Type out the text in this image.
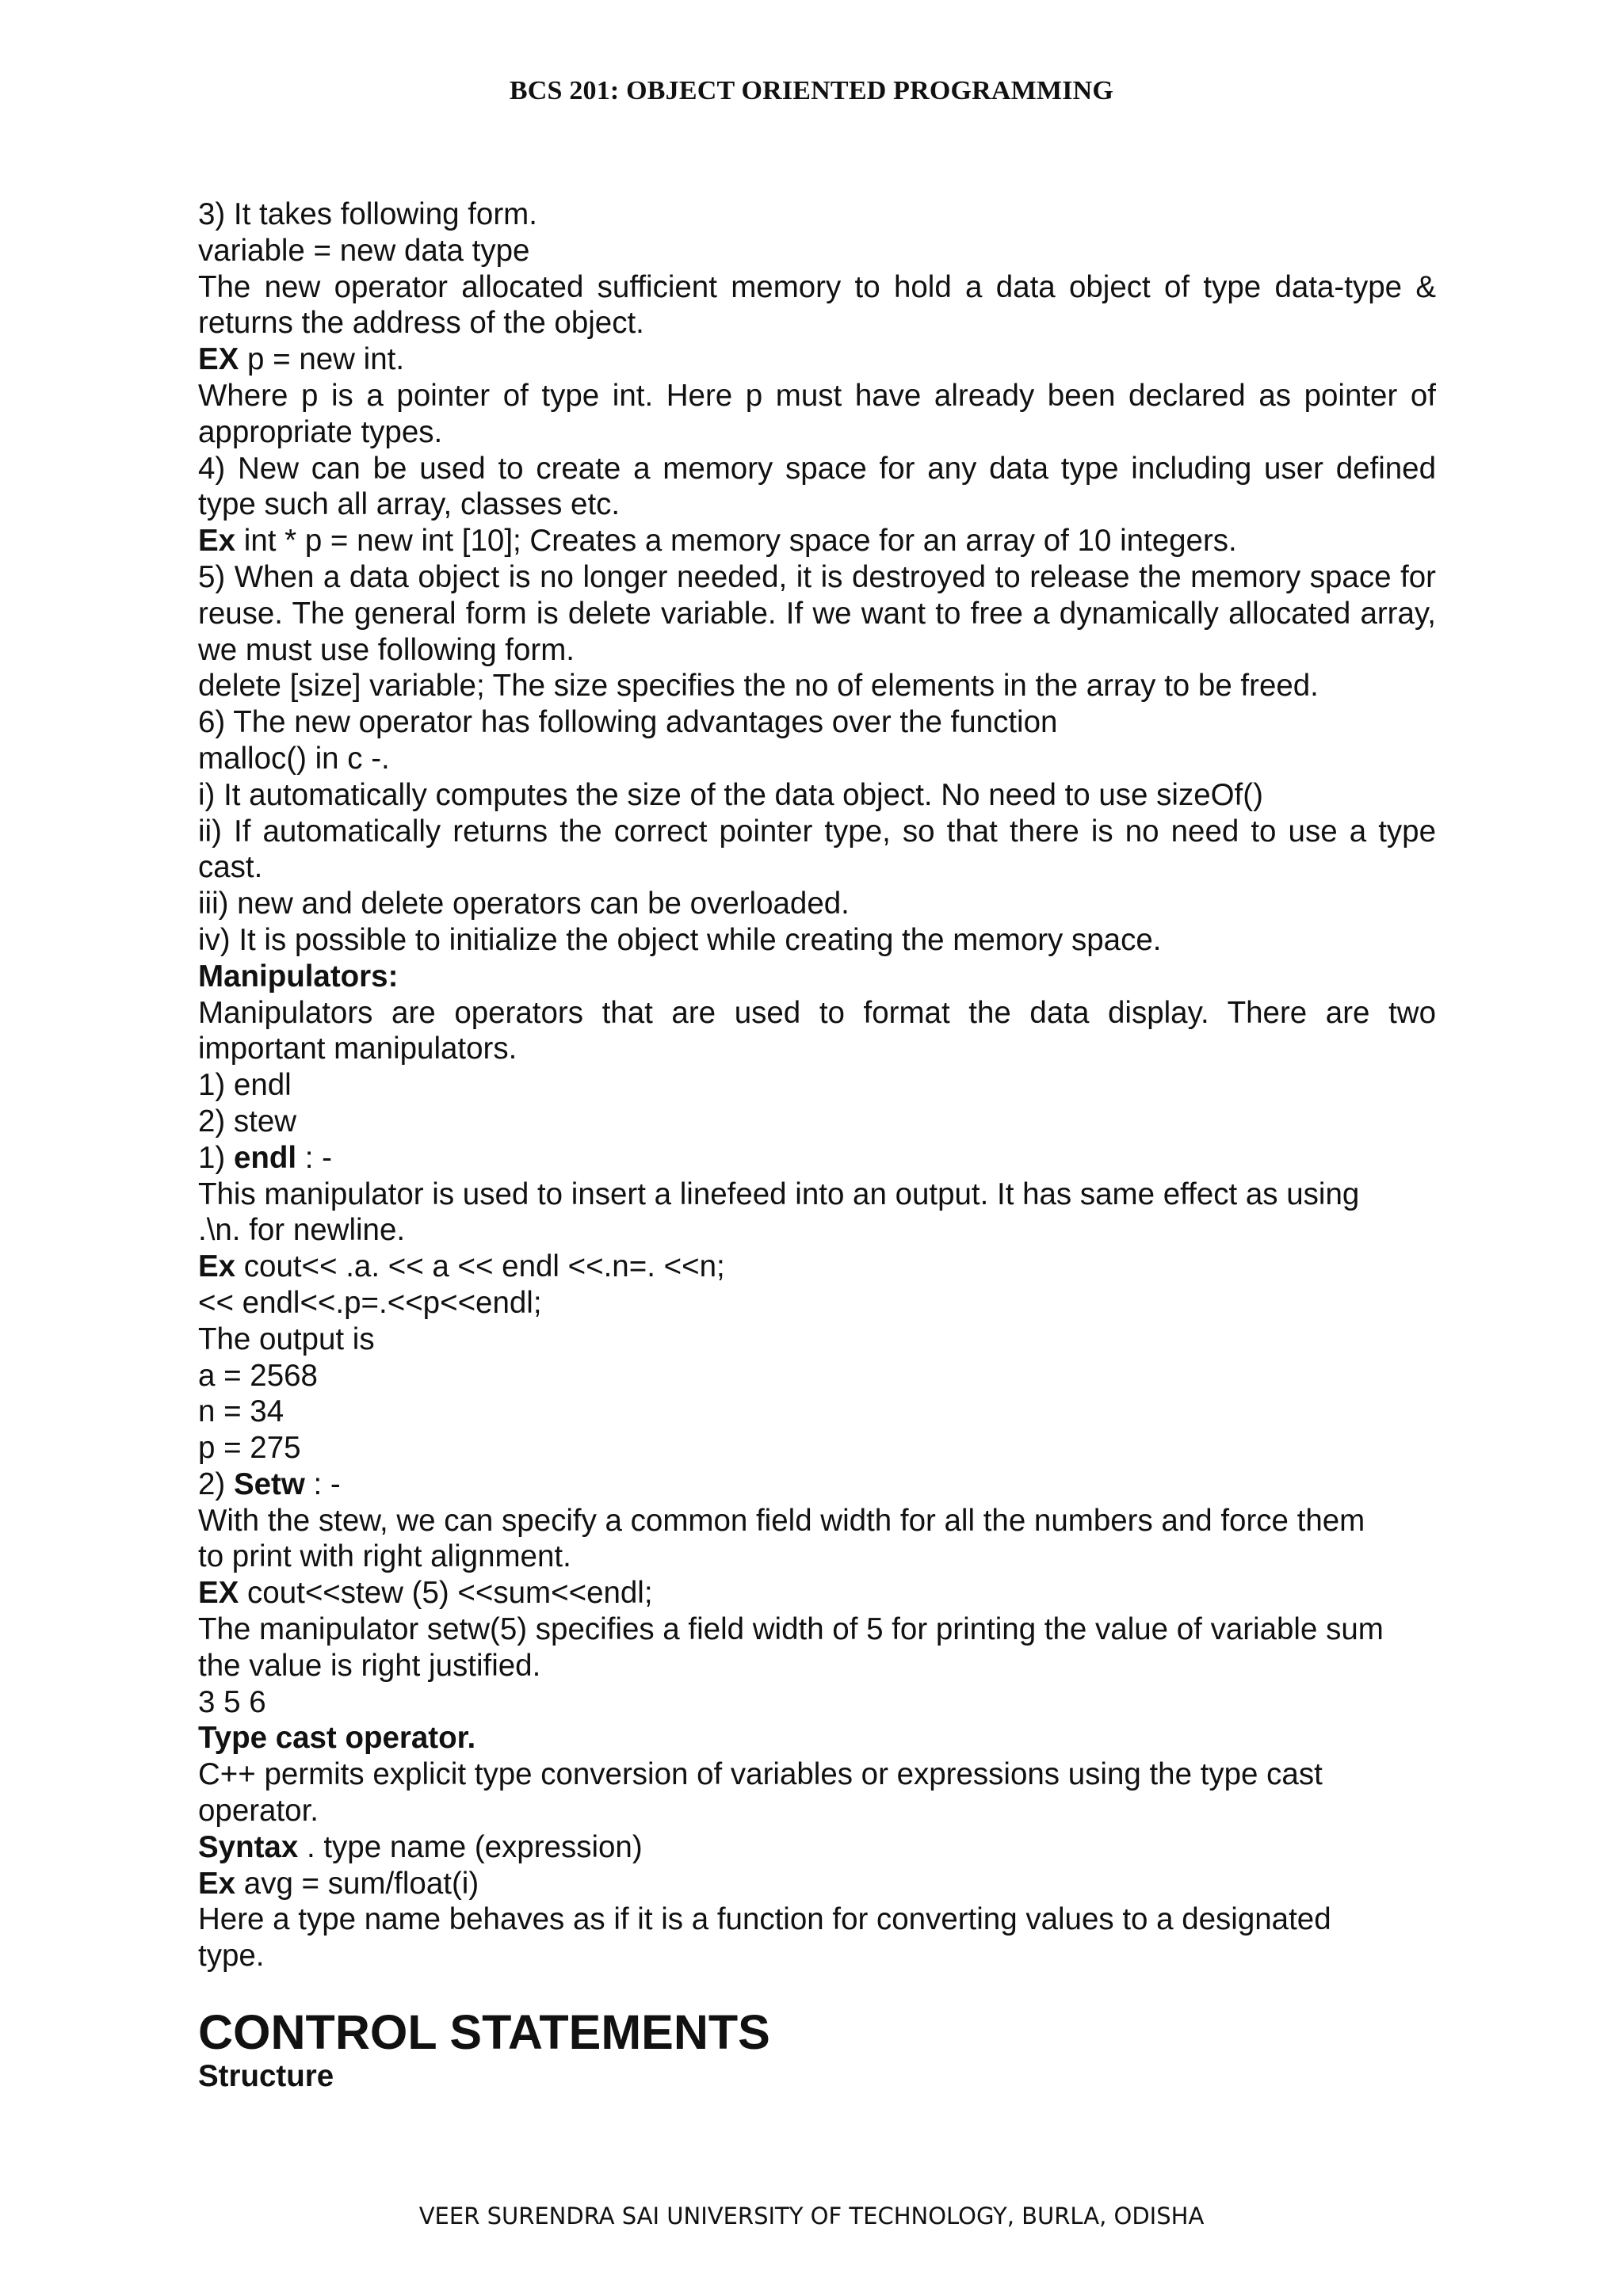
BCS 201: OBJECT ORIENTED PROGRAMMING

3) It takes following form.

variable = new data type

The new operator allocated sufficient memory to hold a data object of type data-type & returns the address of the object.

EX p = new int.

Where p is a pointer of type int. Here p must have already been declared as pointer of appropriate types.

4) New can be used to create a memory space for any data type including user defined type such all array, classes etc.

Ex int * p = new int [10]; Creates a memory space for an array of 10 integers.

5) When a data object is no longer needed, it is destroyed to release the memory space for reuse. The general form is delete variable. If we want to free a dynamically allocated array, we must use following form.

delete [size] variable; The size specifies the no of elements in the array to be freed.

6) The new operator has following advantages over the function

malloc() in c -.

i) It automatically computes the size of the data object. No need to use sizeOf()

ii) If automatically returns the correct pointer type, so that there is no need to use a type cast.

iii) new and delete operators can be overloaded.

iv) It is possible to initialize the object while creating the memory space.

Manipulators:

Manipulators are operators that are used to format the data display. There are two important manipulators.

1) endl

2) stew

1) endl : -

This manipulator is used to insert a linefeed into an output. It has same effect as using

.\n. for newline.

Ex cout<< .a. << a << endl <<.n=. <<n;

<< endl<<.p=.<<p<<endl;

The output is

a = 2568

n = 34

p = 275

2) Setw : -

With the stew, we can specify a common field width for all the numbers and force them

to print with right alignment.

EX cout<<stew (5) <<sum<<endl;

The manipulator setw(5) specifies a field width of 5 for printing the value of variable sum

the value is right justified.

3 5 6

Type cast operator.

C++ permits explicit type conversion of variables or expressions using the type cast

operator.

Syntax . type name (expression)

Ex avg = sum/float(i)

Here a type name behaves as if it is a function for converting values to a designated

type.

CONTROL STATEMENTS

Structure

VEER SURENDRA SAI UNIVERSITY OF TECHNOLOGY, BURLA, ODISHA
